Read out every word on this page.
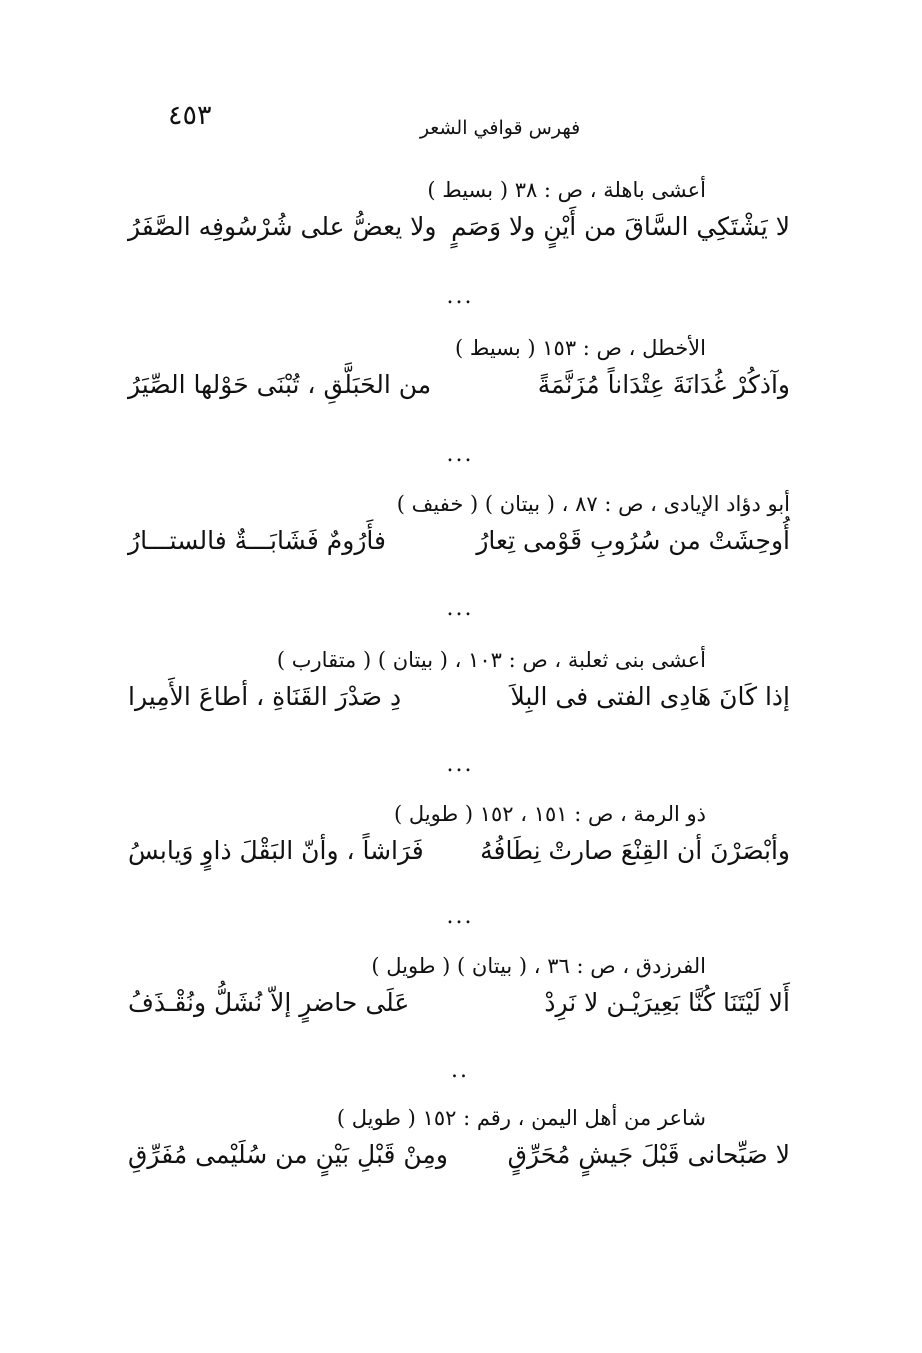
٤٥٣	فهرس قوافي الشعر
أعشى باهلة ، ص : ٣٨ ( بسيط )
لا يَشْتَكِي السَّاقَ من أَيْنٍ ولا وَصَمٍ
ولا يعضُّ على شُرْسُوفِه الصَّفَرُ
...
الأخطل ، ص : ١٥٣ ( بسيط )
وآذكُرْ غُدَانَةَ عِتْدَاناً مُزَنَّمَةً
من الحَبَلَّقِ ، تُبْنَى حَوْلها الصِّيَرُ
...
أبو دؤاد الإيادى ، ص : ٨٧ ، ( بيتان ) ( خفيف )
أُوحِشَتْ من سُرُوبِ قَوْمى تِعارُ
فأَرُومٌ فَشَابَـــةٌ فالستـــارُ
...
أعشى بنى ثعلبة ، ص : ١٠٣ ، ( بيتان ) ( متقارب )
إذا كَانَ هَادِى الفتى فى البِلاَ
دِ صَدْرَ القَنَاةِ ، أطاعَ الأَمِيرا
...
ذو الرمة ، ص : ١٥١ ، ١٥٢ ( طويل )
وأبْصَرْنَ أن القِنْعَ صارتْ نِطَافُهُ
فَرَاشاً ، وأنّ البَقْلَ ذاوٍ وَيابسُ
...
الفرزدق ، ص : ٣٦ ، ( بيتان ) ( طويل )
أَلا لَيْتَنَا كُنَّا بَعِيرَيْـن لا نَرِدْ
عَلَى حاضرٍ إلاّ نُشَلُّ ونُقْـذَفُ
..
شاعر من أهل اليمن ، رقم : ١٥٢ ( طويل )
لا صَبِّحانى قَبْلَ جَيشٍ مُحَرِّقٍ
ومِنْ قَبْلِ بَيْنٍ من سُلَيْمى مُفَرِّقِ
